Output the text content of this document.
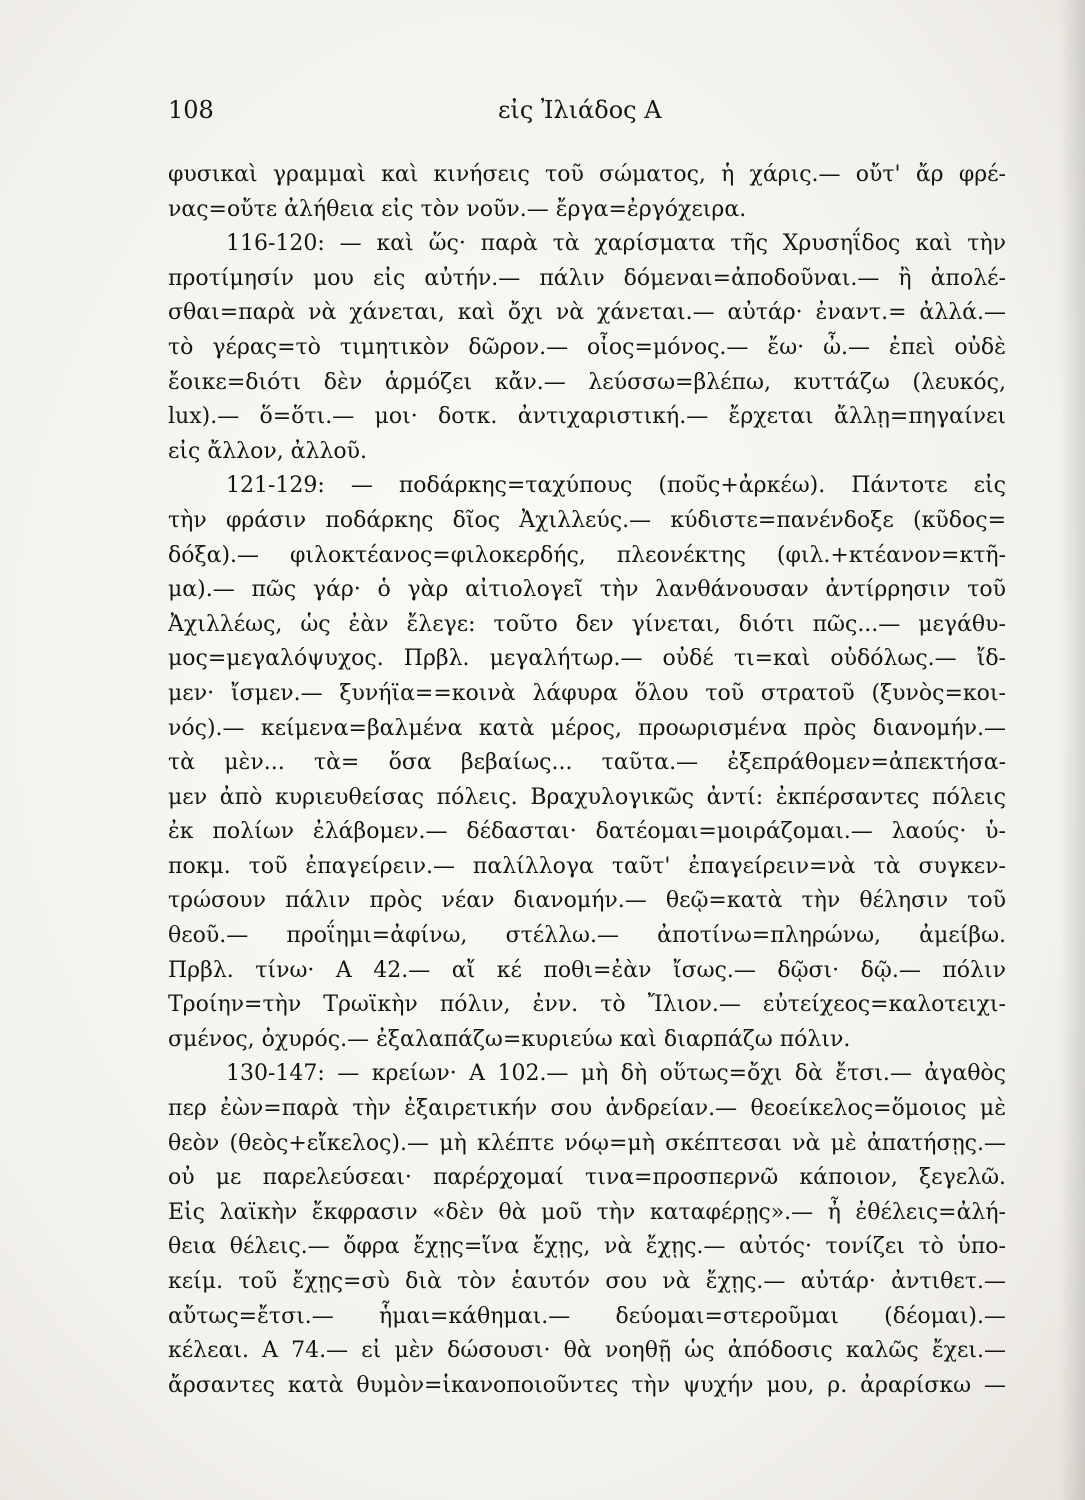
108	εἰς Ἰλιάδος Α
φυσικαὶ γραμμαὶ καὶ κινήσεις τοῦ σώματος, ἡ χάρις.— οὔτ' ἄρ φρέ-
νας=οὔτε ἀλήθεια εἰς τὸν νοῦν.— ἔργα=ἐργόχειρα.
116-120: — καὶ ὥς· παρὰ τὰ χαρίσματα τῆς Χρυσηΐδος καὶ τὴν
προτίμησίν μου εἰς αὐτήν.— πάλιν δόμεναι=ἀποδοῦναι.— ἢ ἀπολέ-
σθαι=παρὰ νὰ χάνεται, καὶ ὄχι νὰ χάνεται.— αὐτάρ· ἐναντ.= ἀλλά.—
τὸ γέρας=τὸ τιμητικὸν δῶρον.— οἶος=μόνος.— ἔω· ὦ.— ἐπεὶ οὐδὲ
ἔοικε=διότι δὲν ἁρμόζει κἄν.— λεύσσω=βλέπω, κυττάζω (λευκός,
lux).— ὅ=ὅτι.— μοι· δοτκ. ἀντιχαριστική.— ἔρχεται ἄλλῃ=πηγαίνει
εἰς ἄλλον, ἀλλοῦ.
121-129: — ποδάρκης=ταχύπους (ποῦς+ἀρκέω). Πάντοτε εἰς
τὴν φράσιν ποδάρκης δῖος Ἀχιλλεύς.— κύδιστε=πανένδοξε (κῦδος=
δόξα).— φιλοκτέανος=φιλοκερδής, πλεονέκτης (φιλ.+κτέανον=κτῆ-
μα).— πῶς γάρ· ὁ γὰρ αἰτιολογεῖ τὴν λανθάνουσαν ἀντίρρησιν τοῦ
Ἀχιλλέως, ὡς ἐὰν ἔλεγε: τοῦτο δεν γίνεται, διότι πῶς...— μεγάθυ-
μος=μεγαλόψυχος. Πρβλ. μεγαλήτωρ.— οὐδέ τι=καὶ οὐδόλως.— ἴδ-
μεν· ἴσμεν.— ξυνήϊα==κοινὰ λάφυρα ὅλου τοῦ στρατοῦ (ξυνὸς=κοι-
νός).— κείμενα=βαλμένα κατὰ μέρος, προωρισμένα πρὸς διανομήν.—
τὰ μὲν... τὰ= ὅσα βεβαίως... ταῦτα.— ἐξεπράθομεν=ἀπεκτήσα-
μεν ἀπὸ κυριευθείσας πόλεις. Βραχυλογικῶς ἀντί: ἐκπέρσαντες πόλεις
ἐκ πολίων ἐλάβομεν.— δέδασται· δατέομαι=μοιράζομαι.— λαούς· ὑ-
ποκμ. τοῦ ἐπαγείρειν.— παλίλλογα ταῦτ' ἐπαγείρειν=νὰ τὰ συγκεν-
τρώσουν πάλιν πρὸς νέαν διανομήν.— θεῷ=κατὰ τὴν θέλησιν τοῦ
θεοῦ.— προΐημι=ἀφίνω, στέλλω.— ἀποτίνω=πληρώνω, ἀμείβω.
Πρβλ. τίνω· Α 42.— αἴ κέ ποθι=ἐὰν ἴσως.— δῷσι· δῷ.— πόλιν
Τροίην=τὴν Τρωϊκὴν πόλιν, ἐνν. τὸ Ἴλιον.— εὐτείχεος=καλοτειχι-
σμένος, ὀχυρός.— ἐξαλαπάζω=κυριεύω καὶ διαρπάζω πόλιν.
130-147: — κρείων· Α 102.— μὴ δὴ οὕτως=ὄχι δὰ ἔτσι.— ἀγαθὸς
περ ἐὼν=παρὰ τὴν ἐξαιρετικήν σου ἀνδρείαν.— θεοείκελος=ὅμοιος μὲ
θεὸν (θεὸς+εἴκελος).— μὴ κλέπτε νόῳ=μὴ σκέπτεσαι νὰ μὲ ἀπατήσῃς.—
οὐ με παρελεύσεαι· παρέρχομαί τινα=προσπερνῶ κάποιον, ξεγελῶ.
Εἰς λαϊκὴν ἔκφρασιν «δὲν θὰ μοῦ τὴν καταφέρῃς».— ἦ ἐθέλεις=ἀλή-
θεια θέλεις.— ὄφρα ἔχῃς=ἵνα ἔχῃς, νὰ ἔχῃς.— αὐτός· τονίζει τὸ ὑπο-
κείμ. τοῦ ἔχῃς=σὺ διὰ τὸν ἑαυτόν σου νὰ ἔχῃς.— αὐτάρ· ἀντιθετ.—
αὔτως=ἔτσι.— ἧμαι=κάθημαι.— δεύομαι=στεροῦμαι (δέομαι).—
κέλεαι. Α 74.— εἰ μὲν δώσουσι· θὰ νοηθῇ ὡς ἀπόδοσις καλῶς ἔχει.—
ἄρσαντες κατὰ θυμὸν=ἱκανοποιοῦντες τὴν ψυχήν μου, ρ. ἀραρίσκω —
